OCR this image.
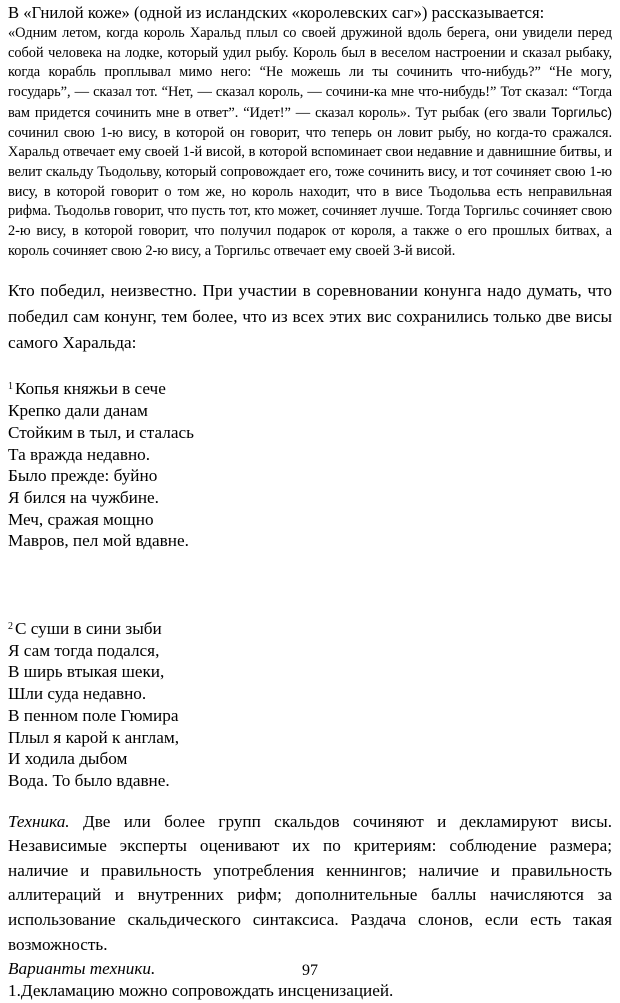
В «Гнилой коже» (одной из исландских «королевских саг») рассказывается:

«Одним летом, когда король Харальд плыл со своей дружиной вдоль берега, они увидели перед собой человека на лодке, который удил рыбу. Король был в веселом настроении и сказал рыбаку, когда корабль проплывал мимо него: “Не можешь ли ты сочинить что-нибудь?” “Не могу, государь”, — сказал тот. “Нет, — сказал король, — сочини-ка мне что-нибудь!” Тот сказал: “Тогда вам придется сочинить мне в ответ”. “Идет!” — сказал король». Тут рыбак (его звали Торгильс) сочинил свою 1-ю вису, в которой он говорит, что теперь он ловит рыбу, но когда-то сражался. Харальд отвечает ему своей 1-й висой, в которой вспоминает свои недавние и давнишние битвы, и велит скальду Тьодольву, который сопровождает его, тоже сочинить вису, и тот сочиняет свою 1-ю вису, в которой говорит о том же, но король находит, что в висе Тьодольва есть неправильная рифма. Тьодольв говорит, что пусть тот, кто может, сочиняет лучше. Тогда Торгильс сочиняет свою 2-ю вису, в которой говорит, что получил подарок от короля, а также о его прошлых битвах, а король сочиняет свою 2-ю вису, а Торгильс отвечает ему своей 3-й висой.

Кто победил, неизвестно. При участии в соревновании конунга надо думать, что победил сам конунг, тем более, что из всех этих вис сохранились только две висы самого Харальда:

$^1$ Копья княжьи в сече
Крепко дали данам
Стойким в тыл, и сталась
Та вражда недавно.
Было прежде: буйно
Я бился на чужбине.
Меч, сражая мощно
Мавров, пел мой вдавне.
$^2$ С суши в сини зыби
Я сам тогда подался,
В ширь втыкая шеки,
Шли суда недавно.
В пенном поле Гюмира
Плыл я карой к англам,
И ходила дыбом
Вода. То было вдавне.

Техника. Две или более групп скальдов сочиняют и декламируют висы. Независимые эксперты оценивают их по критериям: соблюдение размера; наличие и правильность употребления кеннингов; наличие и правильность аллитераций и внутренних рифм; дополнительные баллы начисляются за использование скальдического синтаксиса. Раздача слонов, если есть такая возможность.

Варианты техники.

1.Декламацию можно сопровождать инсценизацией.

97
